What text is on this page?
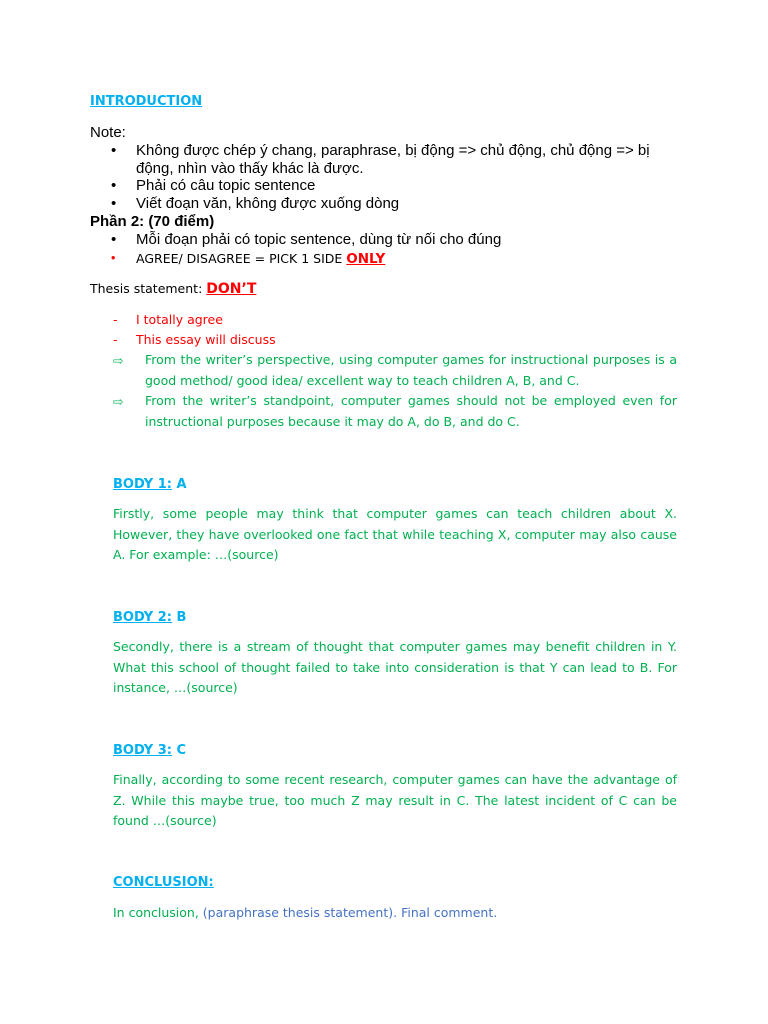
INTRODUCTION
Note:
• Không được chép ý chang, paraphrase, bị động => chủ động, chủ động => bị động, nhìn vào thấy khác là được.
• Phải có câu topic sentence
• Viết đoạn văn, không được xuống dòng
Phần 2: (70 điểm)
• Mỗi đoạn phải có topic sentence, dùng từ nối cho đúng
• AGREE/ DISAGREE = PICK 1 SIDE ONLY
Thesis statement: DON’T
- I totally agree
- This essay will discuss
⇨ From the writer’s perspective, using computer games for instructional purposes is a good method/ good idea/ excellent way to teach children A, B, and C.
⇨ From the writer’s standpoint, computer games should not be employed even for instructional purposes because it may do A, do B, and do C.
BODY 1: A
Firstly, some people may think that computer games can teach children about X. However, they have overlooked one fact that while teaching X, computer may also cause A. For example: …(source)
BODY 2: B
Secondly, there is a stream of thought that computer games may benefit children in Y. What this school of thought failed to take into consideration is that Y can lead to B. For instance, …(source)
BODY 3: C
Finally, according to some recent research, computer games can have the advantage of Z. While this maybe true, too much Z may result in C. The latest incident of C can be found …(source)
CONCLUSION:
In conclusion, (paraphrase thesis statement). Final comment.
